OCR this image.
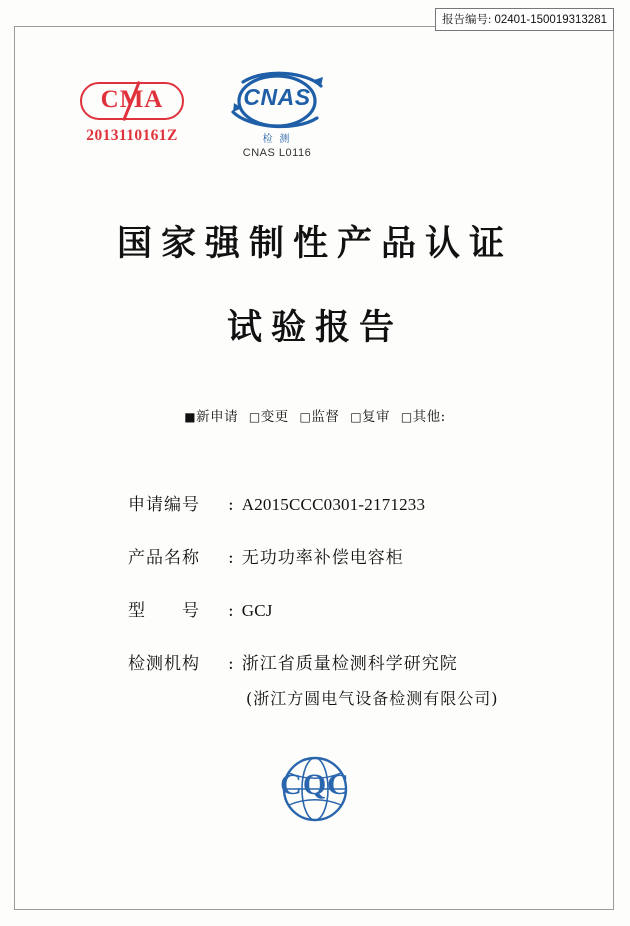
报告编号: 02401-150019313281
CMA
2013110161Z
CNAS
检 测
CNAS L0116
国家强制性产品认证
试验报告
■新申请 □变更 □监督 □复审 □其他:
申请编号	: A2015CCC0301-2171233
产品名称	: 无功功率补偿电容柜
型　　号	: GCJ
检测机构	: 浙江省质量检测科学研究院
(浙江方圆电气设备检测有限公司)
CQC
